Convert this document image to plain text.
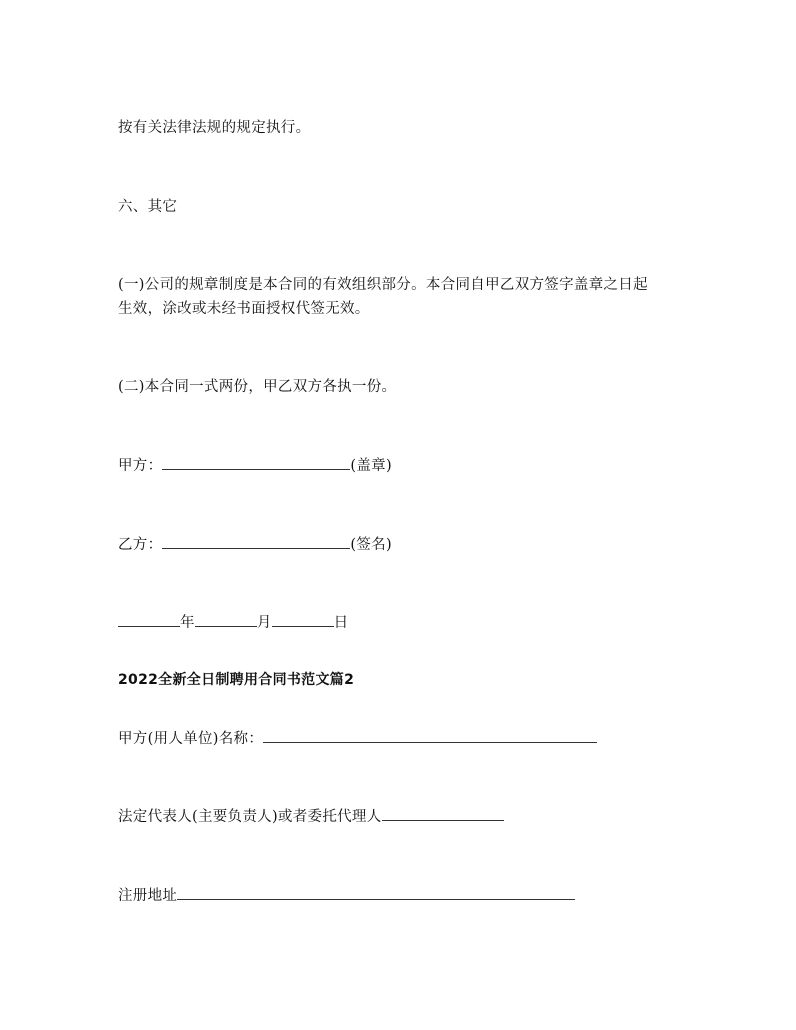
按有关法律法规的规定执行。
六、其它
(一)公司的规章制度是本合同的有效组织部分。本合同自甲乙双方签字盖章之日起
生效，涂改或未经书面授权代签无效。
(二)本合同一式两份，甲乙双方各执一份。
甲方：	(盖章)
乙方：	(签名)
年	月	日
2022全新全日制聘用合同书范文篇2
甲方(用人单位)名称：
法定代表人(主要负责人)或者委托代理人
注册地址
